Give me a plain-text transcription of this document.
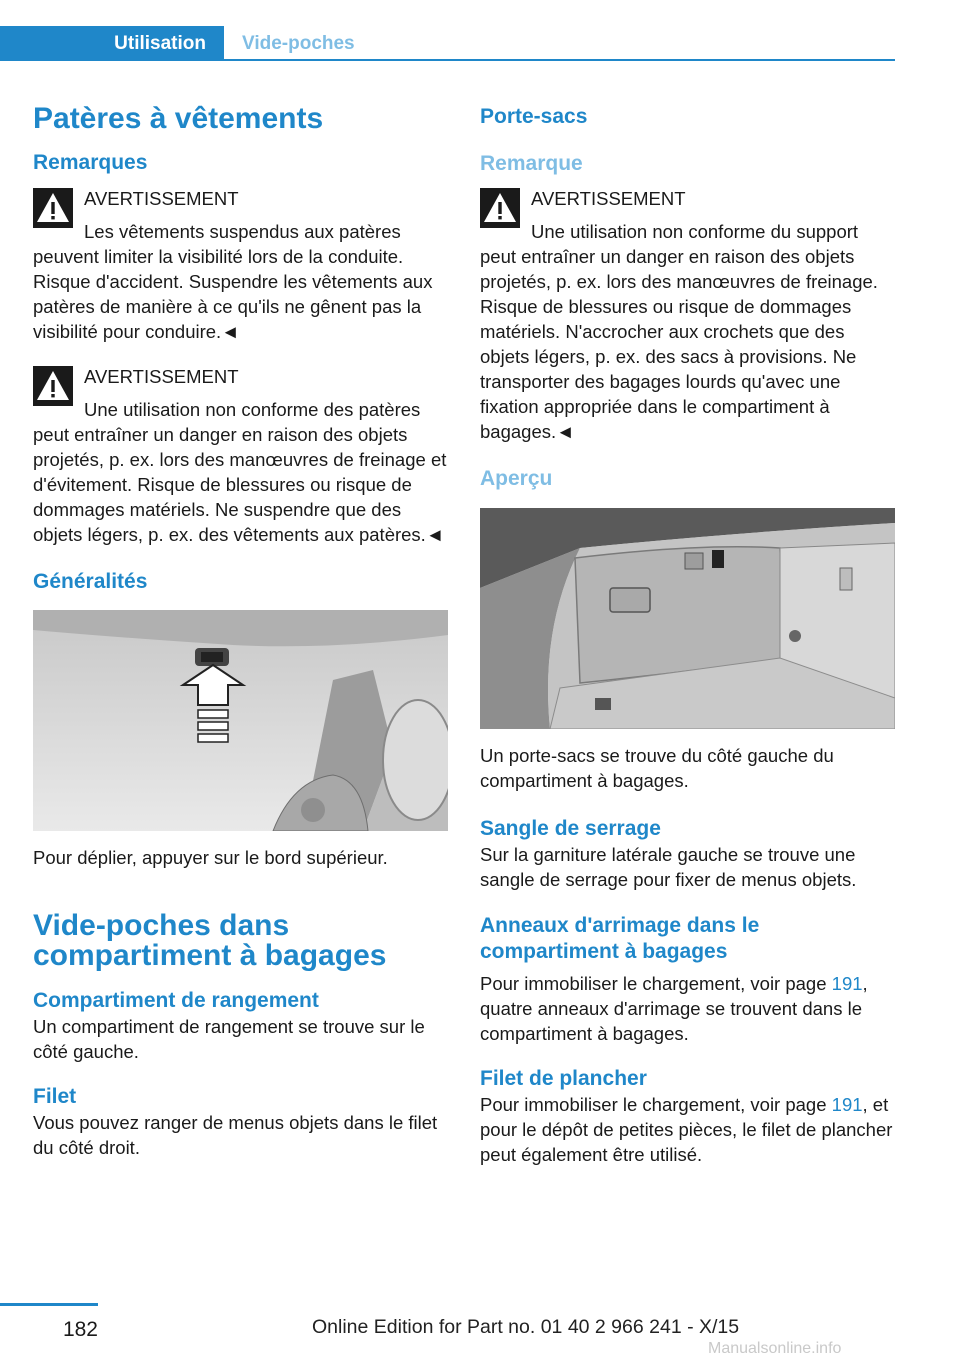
Utilisation	Vide-poches
Patères à vêtements
Remarques
AVERTISSEMENT

Les vêtements suspendus aux patères peuvent limiter la visibilité lors de la conduite. Risque d'accident. Suspendre les vêtements aux patères de manière à ce qu'ils ne gênent pas la visibilité pour conduire.◄

AVERTISSEMENT

Une utilisation non conforme des patères peut entraîner un danger en raison des objets projetés, p. ex. lors des manœuvres de freinage et d'évitement. Risque de blessures ou risque de dommages matériels. Ne suspendre que des objets légers, p. ex. des vêtements aux patères.◄

Généralités

Pour déplier, appuyer sur le bord supérieur.

Vide-poches dans compartiment à bagages
Compartiment de rangement

Un compartiment de rangement se trouve sur le côté gauche.

Filet

Vous pouvez ranger de menus objets dans le filet du côté droit.

Porte-sacs
Remarque
AVERTISSEMENT

Une utilisation non conforme du support peut entraîner un danger en raison des objets projetés, p. ex. lors des manœuvres de freinage. Risque de blessures ou risque de dommages matériels. N'accrocher aux crochets que des objets légers, p. ex. des sacs à provisions. Ne transporter des bagages lourds qu'avec une fixation appropriée dans le compartiment à bagages.◄

Aperçu

Un porte-sacs se trouve du côté gauche du compartiment à bagages.

Sangle de serrage

Sur la garniture latérale gauche se trouve une sangle de serrage pour fixer de menus objets.

Anneaux d'arrimage dans le compartiment à bagages

Pour immobiliser le chargement, voir page 191, quatre anneaux d'arrimage se trouvent dans le compartiment à bagages.

Filet de plancher

Pour immobiliser le chargement, voir page 191, et pour le dépôt de petites pièces, le filet de plancher peut également être utilisé.

182	Online Edition for Part no. 01 40 2 966 241 - X/15
Manualsonline.info
